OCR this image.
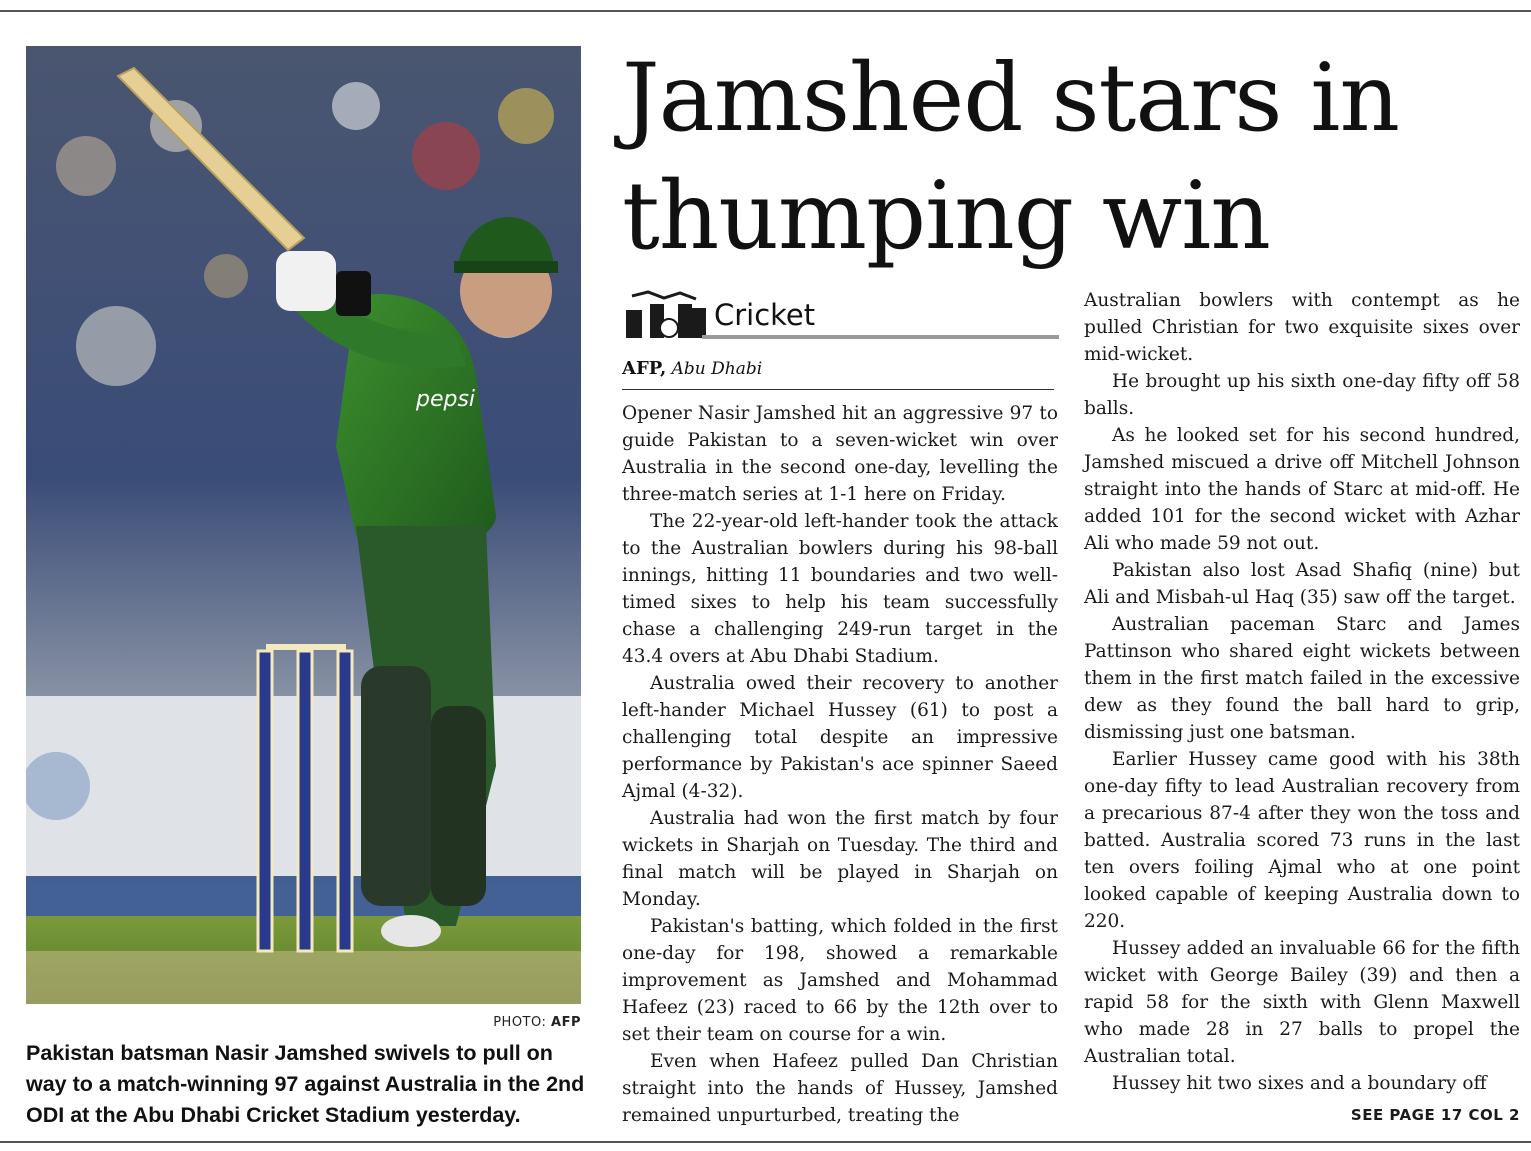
pepsi
PHOTO: AFP
Pakistan batsman Nasir Jamshed swivels to pull on way to a match-winning 97 against Australia in the 2nd ODI at the Abu Dhabi Cricket Stadium yesterday.
Jamshed stars in
thumping win
Cricket
AFP, Abu Dhabi

Opener Nasir Jamshed hit an aggressive 97 to guide Pakistan to a seven-wicket win over Australia in the second one-day, levelling the three-match series at 1-1 here on Friday.

The 22-year-old left-hander took the attack to the Australian bowlers during his 98-ball innings, hitting 11 boundaries and two well-timed sixes to help his team successfully chase a challenging 249-run target in the 43.4 overs at Abu Dhabi Stadium.

Australia owed their recovery to another left-hander Michael Hussey (61) to post a challenging total despite an impressive performance by Pakistan's ace spinner Saeed Ajmal (4-32).

Australia had won the first match by four wickets in Sharjah on Tuesday. The third and final match will be played in Sharjah on Monday.

Pakistan's batting, which folded in the first one-day for 198, showed a remarkable improvement as Jamshed and Mohammad Hafeez (23) raced to 66 by the 12th over to set their team on course for a win.

Even when Hafeez pulled Dan Christian straight into the hands of Hussey, Jamshed remained unpurturbed, treating the

Australian bowlers with contempt as he pulled Christian for two exquisite sixes over mid-wicket.

He brought up his sixth one-day fifty off 58 balls.

As he looked set for his second hundred, Jamshed miscued a drive off Mitchell Johnson straight into the hands of Starc at mid-off. He added 101 for the second wicket with Azhar Ali who made 59 not out.

Pakistan also lost Asad Shafiq (nine) but Ali and Misbah-ul Haq (35) saw off the target.

Australian paceman Starc and James Pattinson who shared eight wickets between them in the first match failed in the excessive dew as they found the ball hard to grip, dismissing just one batsman.

Earlier Hussey came good with his 38th one-day fifty to lead Australian recovery from a precarious 87-4 after they won the toss and batted. Australia scored 73 runs in the last ten overs foiling Ajmal who at one point looked capable of keeping Australia down to 220.

Hussey added an invaluable 66 for the fifth wicket with George Bailey (39) and then a rapid 58 for the sixth with Glenn Maxwell who made 28 in 27 balls to propel the Australian total.

Hussey hit two sixes and a boundary off

SEE PAGE 17 COL 2
